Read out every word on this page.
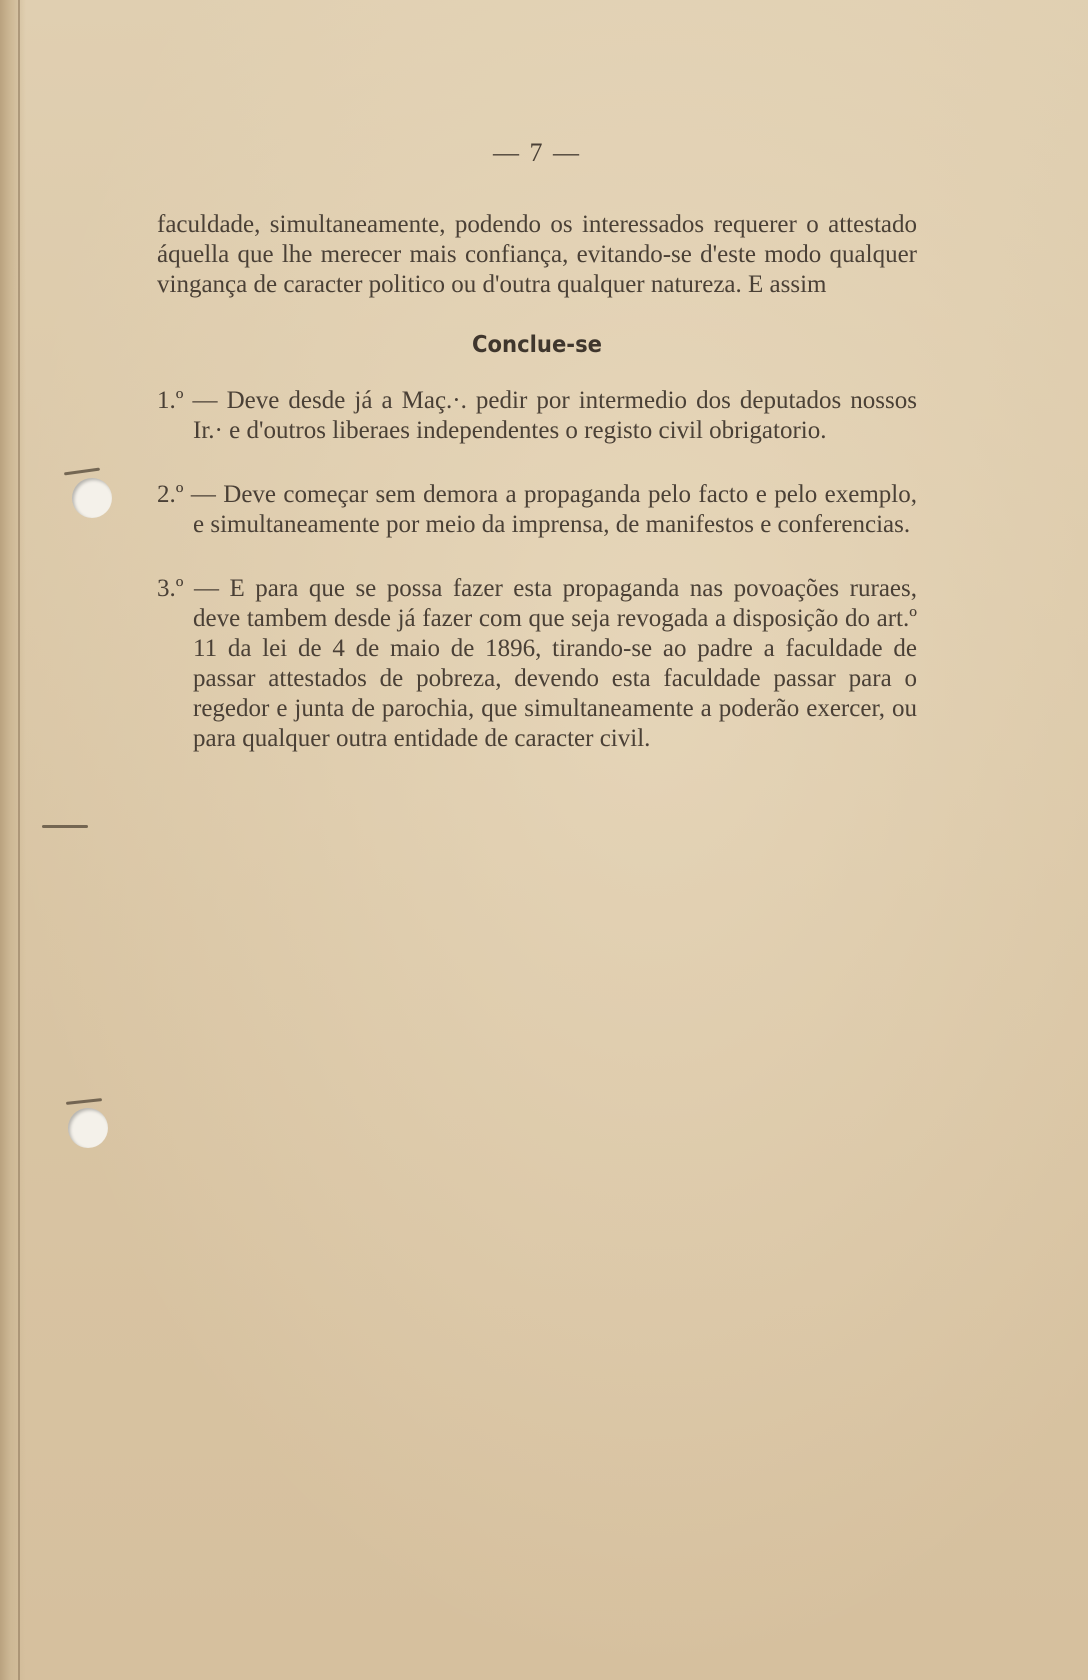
— 7 —

faculdade, simultaneamente, podendo os interessados requerer o attestado áquella que lhe merecer mais confiança, evitando-se d'este modo qualquer vingança de caracter politico ou d'outra qualquer natureza. E assim

Conclue-se

1.º — Deve desde já a Maç.·. pedir por intermedio dos deputados nossos Ir.· e d'outros liberaes independentes o registo civil obrigatorio.

2.º — Deve começar sem demora a propaganda pelo facto e pelo exemplo, e simultaneamente por meio da imprensa, de manifestos e conferencias.

3.º — E para que se possa fazer esta propaganda nas povoações ruraes, deve tambem desde já fazer com que seja revogada a disposição do art.º 11 da lei de 4 de maio de 1896, tirando-se ao padre a faculdade de passar attestados de pobreza, devendo esta faculdade passar para o regedor e junta de parochia, que simultaneamente a poderão exercer, ou para qualquer outra entidade de caracter civil.
